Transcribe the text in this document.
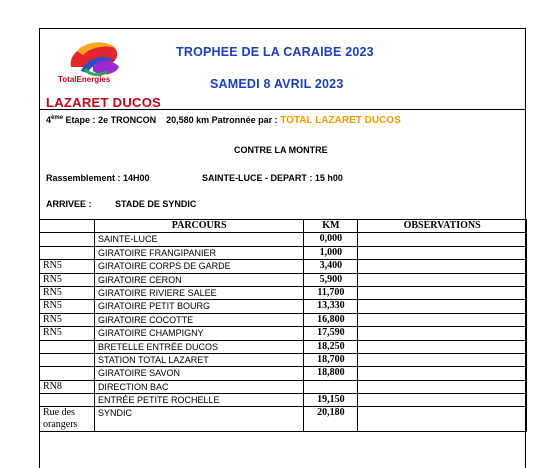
TotalEnergies
TROPHEE DE LA CARAIBE 2023
SAMEDI 8 AVRIL 2023
LAZARET DUCOS
4ème Etape : 2e TRONCON 20,580 km Patronnée par : TOTAL LAZARET DUCOS
CONTRE LA MONTRE
Rassemblement : 14H00	SAINTE-LUCE - DEPART : 15 h00
ARRIVEE :	STADE DE SYNDIC
	PARCOURS	KM	OBSERVATIONS
	SAINTE-LUCE	0,000	
	GIRATOIRE FRANGIPANIER	1,000	
RN5	GIRATOIRE CORPS DE GARDE	3,400	
RN5	GIRATOIRE CERON	5,900	
RN5	GIRATOIRE RIVIERE SALEE	11,700	
RN5	GIRATOIRE PETIT BOURG	13,330	
RN5	GIRATOIRE COCOTTE	16,800	
RN5	GIRATOIRE CHAMPIGNY	17,590	
	BRETELLE ENTRÉE DUCOS	18,250	
	STATION TOTAL LAZARET	18,700	
	GIRATOIRE SAVON	18,800	
RN8	DIRECTION BAC		
	ENTRÉE PETITE ROCHELLE	19,150	
Rue des orangers	SYNDIC	20,180	
